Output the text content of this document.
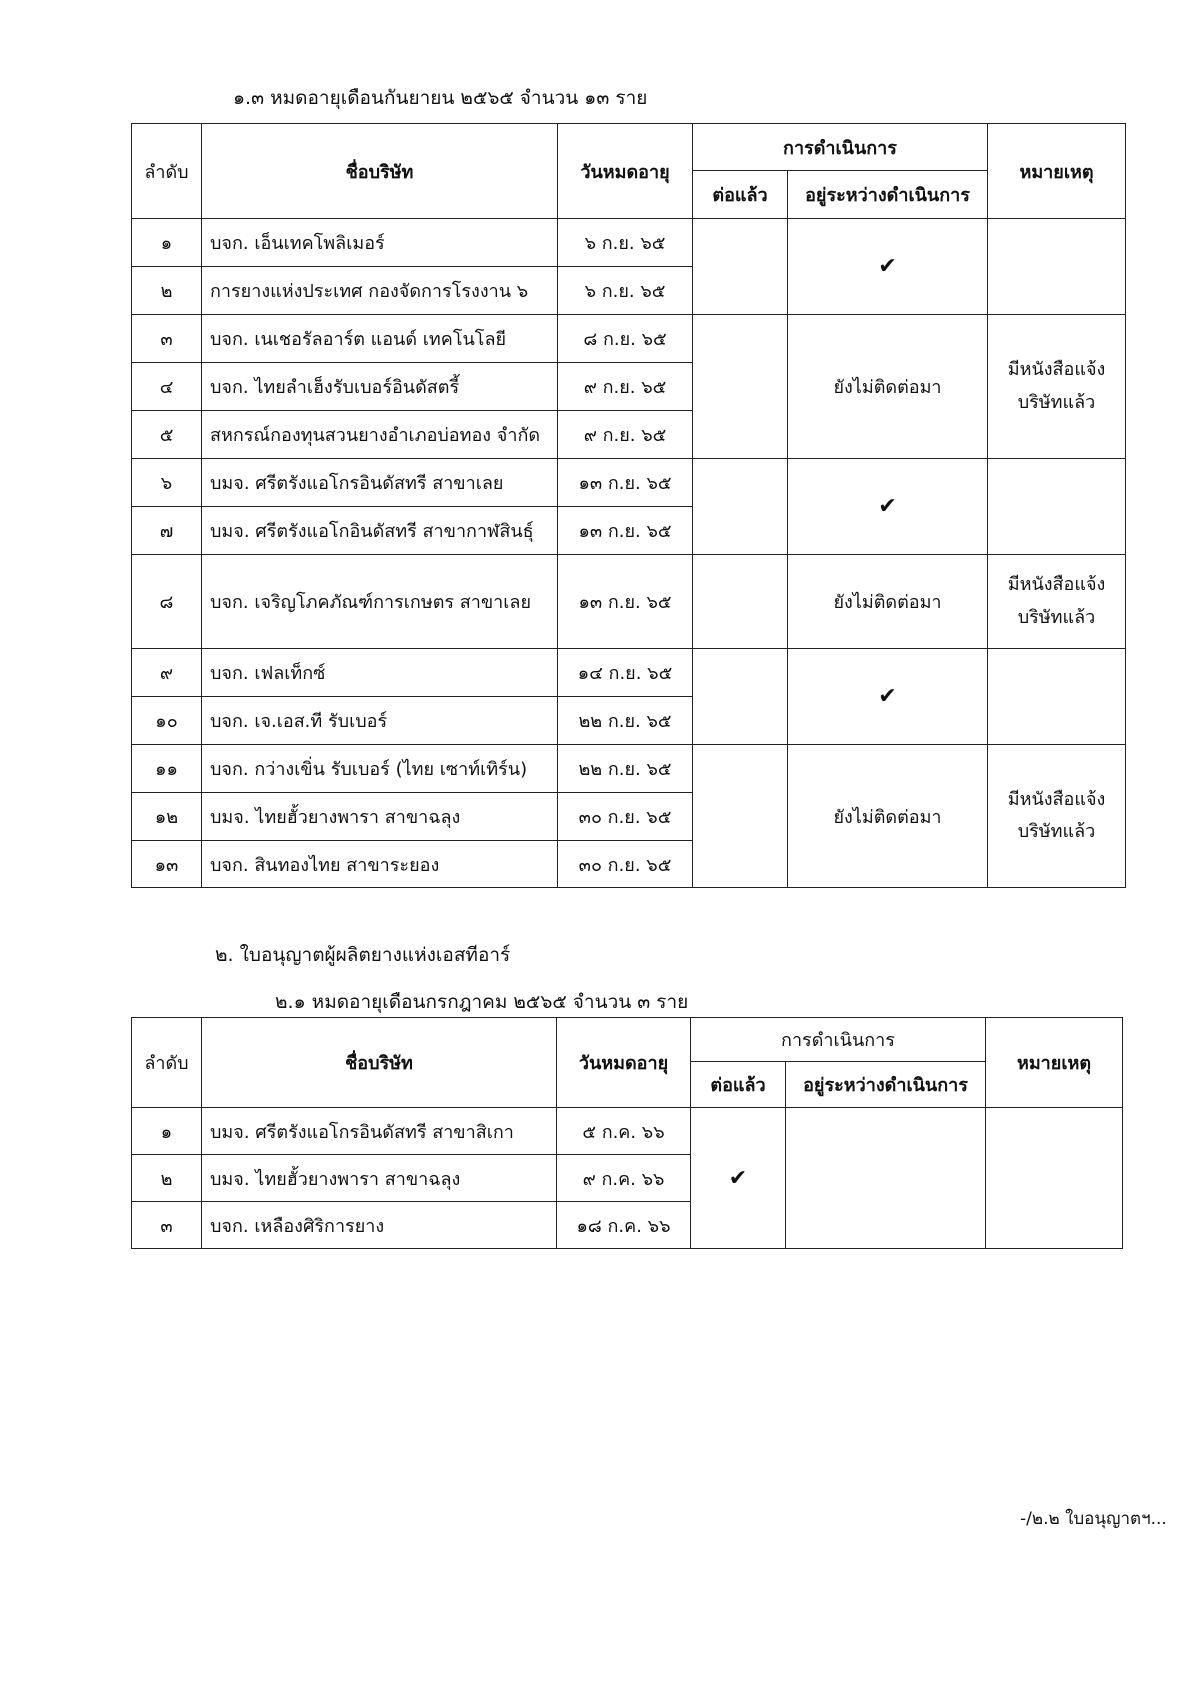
๑.๓ หมดอายุเดือนกันยายน ๒๕๖๕ จำนวน ๑๓ ราย
ลำดับ	ชื่อบริษัท	วันหมดอายุ	การดำเนินการ		หมายเหตุ
			ต่อแล้ว	อยู่ระหว่างดำเนินการ	
๑	บจก. เอ็นเทคโพลิเมอร์	๖ ก.ย. ๖๕		✔	
๒	การยางแห่งประเทศ กองจัดการโรงงาน ๖	๖ ก.ย. ๖๕			
๓	บจก. เนเชอรัลอาร์ต แอนด์ เทคโนโลยี	๘ ก.ย. ๖๕		ยังไม่ติดต่อมา	มีหนังสือแจ้ง
บริษัทแล้ว

๔	บจก. ไทยลำเฮ็งรับเบอร์อินดัสตรี้	๙ ก.ย. ๖๕			
๕	สหกรณ์กองทุนสวนยางอำเภอบ่อทอง จำกัด	๙ ก.ย. ๖๕			
๖	บมจ. ศรีตรังแอโกรอินดัสทรี สาขาเลย	๑๓ ก.ย. ๖๕		✔	
๗	บมจ. ศรีตรังแอโกอินดัสทรี สาขากาฬสินธุ์	๑๓ ก.ย. ๖๕			
๘	บจก. เจริญโภคภัณฑ์การเกษตร สาขาเลย	๑๓ ก.ย. ๖๕		ยังไม่ติดต่อมา	มีหนังสือแจ้ง
บริษัทแล้ว

๙	บจก. เฟลเท็กซ์	๑๔ ก.ย. ๖๕		✔	
๑๐	บจก. เจ.เอส.ที รับเบอร์	๒๒ ก.ย. ๖๕			
๑๑	บจก. กว่างเขิ่น รับเบอร์ (ไทย เซาท์เทิร์น)	๒๒ ก.ย. ๖๕		ยังไม่ติดต่อมา	มีหนังสือแจ้ง
บริษัทแล้ว

๑๒	บมจ. ไทยฮั้วยางพารา สาขาฉลุง	๓๐ ก.ย. ๖๕			
๑๓	บจก. สินทองไทย สาขาระยอง	๓๐ ก.ย. ๖๕			
๒. ใบอนุญาตผู้ผลิตยางแห่งเอสทีอาร์
๒.๑ หมดอายุเดือนกรกฎาคม ๒๕๖๕ จำนวน ๓ ราย
ลำดับ	ชื่อบริษัท	วันหมดอายุ	การดำเนินการ		หมายเหตุ
			ต่อแล้ว	อยู่ระหว่างดำเนินการ	
๑	บมจ. ศรีตรังแอโกรอินดัสทรี สาขาสิเกา	๕ ก.ค. ๖๖	✔		
๒	บมจ. ไทยฮั้วยางพารา สาขาฉลุง	๙ ก.ค. ๖๖			
๓	บจก. เหลืองศิริการยาง	๑๘ ก.ค. ๖๖			
-/๒.๒ ใบอนุญาตฯ...
